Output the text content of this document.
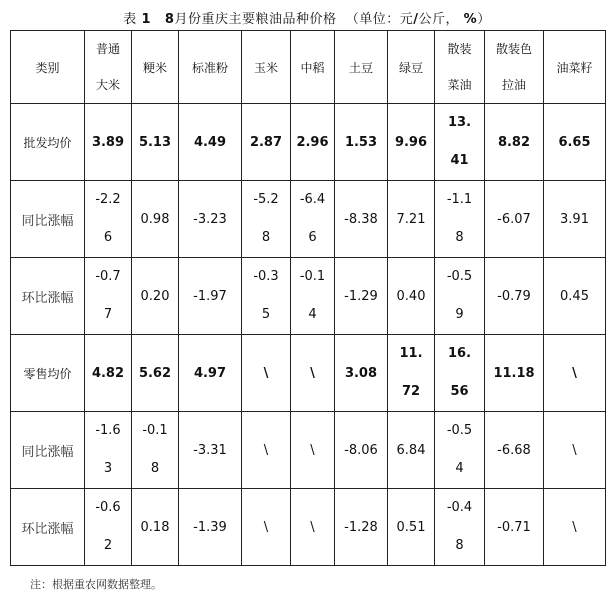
表 1 8月份重庆主要粮油品种价格 （单位：元/公斤， %）
类别	普通大米	粳米	标准粉	玉米	中稻	土豆	绿豆	散装菜油	散装色拉油	油菜籽
批发均价	3.89	5.13	4.49	2.87	2.96	1.53	9.96	13.41	8.82	6.65
同比涨幅	-2.26	0.98	-3.23	-5.28	-6.46	-8.38	7.21	-1.18	-6.07	3.91
环比涨幅	-0.77	0.20	-1.97	-0.35	-0.14	-1.29	0.40	-0.59	-0.79	0.45
零售均价	4.82	5.62	4.97	\	\	3.08	11.72	16.56	11.18	\
同比涨幅	-1.63	-0.18	-3.31	\	\	-8.06	6.84	-0.54	-6.68	\
环比涨幅	-0.62	0.18	-1.39	\	\	-1.28	0.51	-0.48	-0.71	\
注：根据重农网数据整理。
